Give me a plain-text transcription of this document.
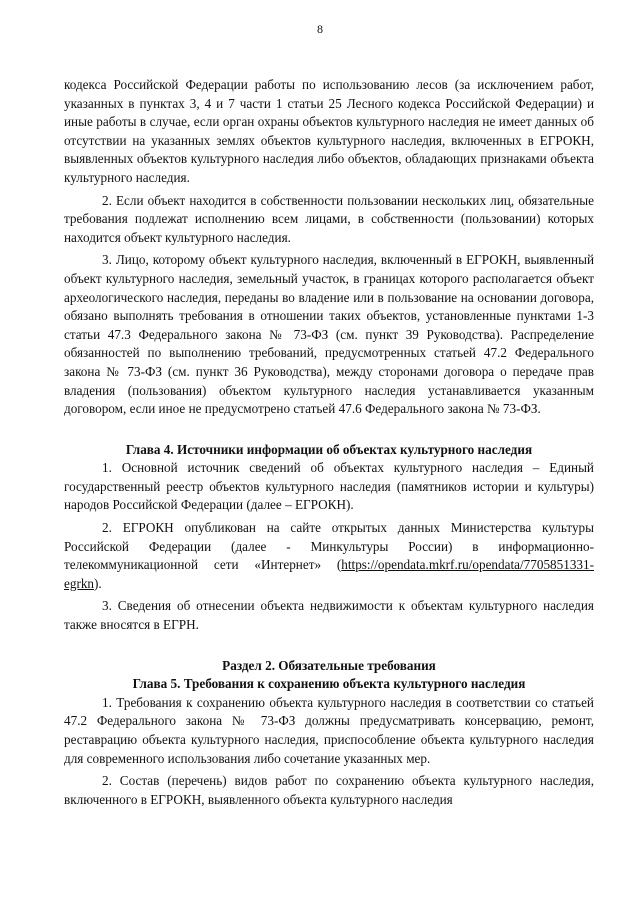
8

кодекса Российской Федерации работы по использованию лесов (за исключением работ, указанных в пунктах 3, 4 и 7 части 1 статьи 25 Лесного кодекса Российской Федерации) и иные работы в случае, если орган охраны объектов культурного наследия не имеет данных об отсутствии на указанных землях объектов культурного наследия, включенных в ЕГРОКН, выявленных объектов культурного наследия либо объектов, обладающих признаками объекта культурного наследия.

2. Если объект находится в собственности пользовании нескольких лиц, обязательные требования подлежат исполнению всем лицами, в собственности (пользовании) которых находится объект культурного наследия.

3. Лицо, которому объект культурного наследия, включенный в ЕГРОКН, выявленный объект культурного наследия, земельный участок, в границах которого располагается объект археологического наследия, переданы во владение или в пользование на основании договора, обязано выполнять требования в отношении таких объектов, установленные пунктами 1-3 статьи 47.3 Федерального закона № 73-ФЗ (см. пункт 39 Руководства). Распределение обязанностей по выполнению требований, предусмотренных статьей 47.2 Федерального закона № 73-ФЗ (см. пункт 36 Руководства), между сторонами договора о передаче прав владения (пользования) объектом культурного наследия устанавливается указанным договором, если иное не предусмотрено статьей 47.6 Федерального закона № 73-ФЗ.

Глава 4. Источники информации об объектах культурного наследия

1. Основной источник сведений об объектах культурного наследия – Единый государственный реестр объектов культурного наследия (памятников истории и культуры) народов Российской Федерации (далее – ЕГРОКН).

2. ЕГРОКН опубликован на сайте открытых данных Министерства культуры Российской Федерации (далее - Минкультуры России) в информационно-телекоммуникационной сети «Интернет» (https://opendata.mkrf.ru/opendata/7705851331-egrkn).

3. Сведения об отнесении объекта недвижимости к объектам культурного наследия также вносятся в ЕГРН.

Раздел 2. Обязательные требования
Глава 5. Требования к сохранению объекта культурного наследия

1. Требования к сохранению объекта культурного наследия в соответствии со статьей 47.2 Федерального закона № 73-ФЗ должны предусматривать консервацию, ремонт, реставрацию объекта культурного наследия, приспособление объекта культурного наследия для современного использования либо сочетание указанных мер.

2. Состав (перечень) видов работ по сохранению объекта культурного наследия, включенного в ЕГРОКН, выявленного объекта культурного наследия
